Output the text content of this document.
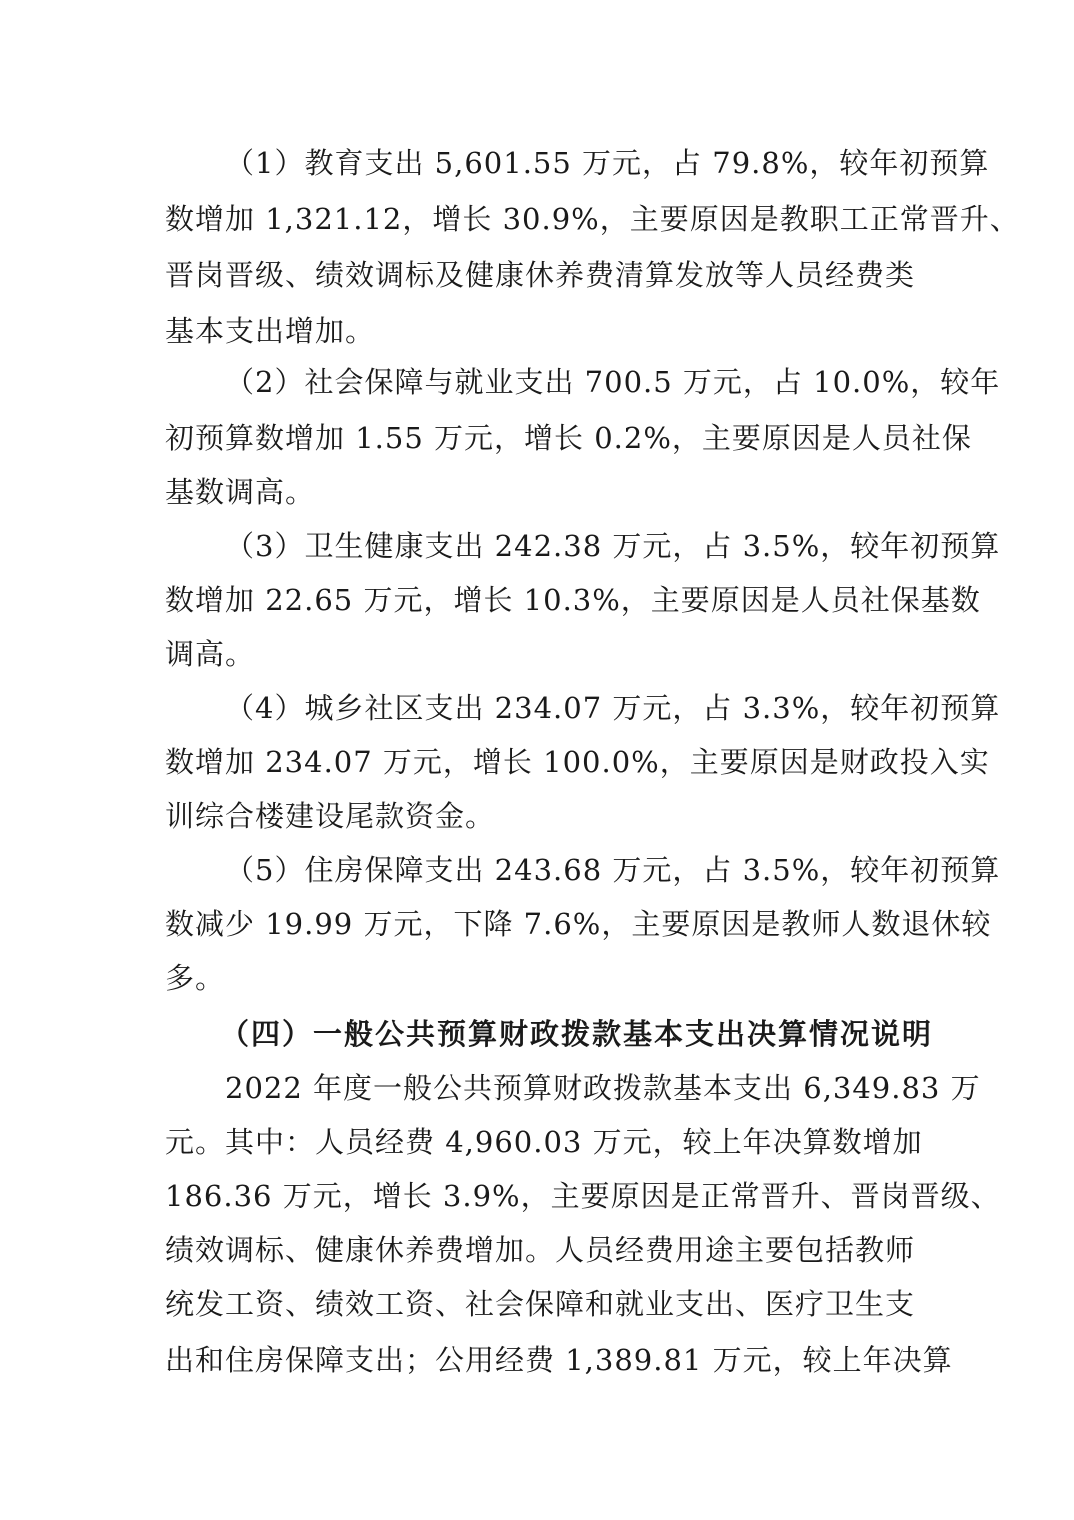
（1）教育支出 5,601.55 万元，占 79.8%，较年初预算
数增加 1,321.12，增长 30.9%，主要原因是教职工正常晋升、
晋岗晋级、绩效调标及健康休养费清算发放等人员经费类
基本支出增加。
（2）社会保障与就业支出 700.5 万元，占 10.0%，较年
初预算数增加 1.55 万元，增长 0.2%，主要原因是人员社保
基数调高。
（3）卫生健康支出 242.38 万元，占 3.5%，较年初预算
数增加 22.65 万元，增长 10.3%，主要原因是人员社保基数
调高。
（4）城乡社区支出 234.07 万元，占 3.3%，较年初预算
数增加 234.07 万元，增长 100.0%，主要原因是财政投入实
训综合楼建设尾款资金。
（5）住房保障支出 243.68 万元，占 3.5%，较年初预算
数减少 19.99 万元，下降 7.6%，主要原因是教师人数退休较
多。
（四）一般公共预算财政拨款基本支出决算情况说明
2022 年度一般公共预算财政拨款基本支出 6,349.83 万
元。其中：人员经费 4,960.03 万元，较上年决算数增加
186.36 万元，增长 3.9%，主要原因是正常晋升、晋岗晋级、
绩效调标、健康休养费增加。人员经费用途主要包括教师
统发工资、绩效工资、社会保障和就业支出、医疗卫生支
出和住房保障支出；公用经费 1,389.81 万元，较上年决算
